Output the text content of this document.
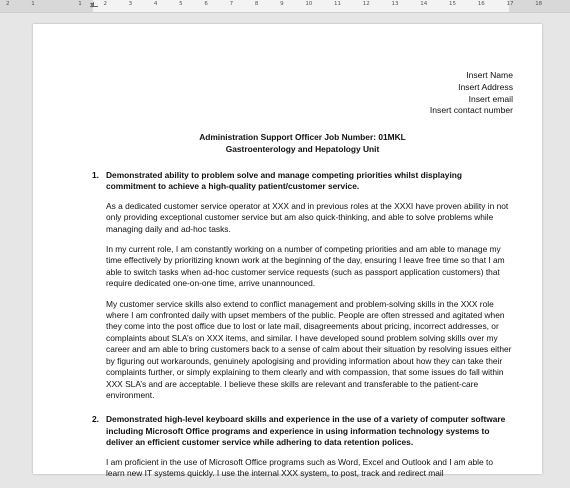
2	1	1	2	3	4	5	6	7	8	9	10	11	12	13	14	15	16	17	18
⧗
Insert Name
Insert Address
Insert email
Insert contact number
Administration Support Officer Job Number: 01MKL
Gastroenterology and Hepatology Unit
1. Demonstrated ability to problem solve and manage competing priorities whilst displaying commitment to achieve a high-quality patient/customer service.

As a dedicated customer service operator at XXX and in previous roles at the XXXI have proven ability in not only providing exceptional customer service but am also quick-thinking, and able to solve problems while managing daily and ad-hoc tasks.

In my current role, I am constantly working on a number of competing priorities and am able to manage my time effectively by prioritizing known work at the beginning of the day, ensuring I leave free time so that I am able to switch tasks when ad-hoc customer service requests (such as passport application customers) that require dedicated one-on-one time, arrive unannounced.

My customer service skills also extend to conflict management and problem-solving skills in the XXX role where I am confronted daily with upset members of the public. People are often stressed and agitated when they come into the post office due to lost or late mail, disagreements about pricing, incorrect addresses, or complaints about SLA’s on XXX items, and similar. I have developed sound problem solving skills over my career and am able to bring customers back to a sense of calm about their situation by resolving issues either by figuring out workarounds, genuinely apologising and providing information about how they can take their complaints further, or simply explaining to them clearly and with compassion, that some issues do fall within XXX SLA’s and are acceptable. I believe these skills are relevant and transferable to the patient-care environment.

2. Demonstrated high-level keyboard skills and experience in the use of a variety of computer software including Microsoft Office programs and experience in using information technology systems to deliver an efficient customer service while adhering to data retention polices.

I am proficient in the use of Microsoft Office programs such as Word, Excel and Outlook and I am able to learn new IT systems quickly. I use the internal XXX system, to post, track and redirect mail
